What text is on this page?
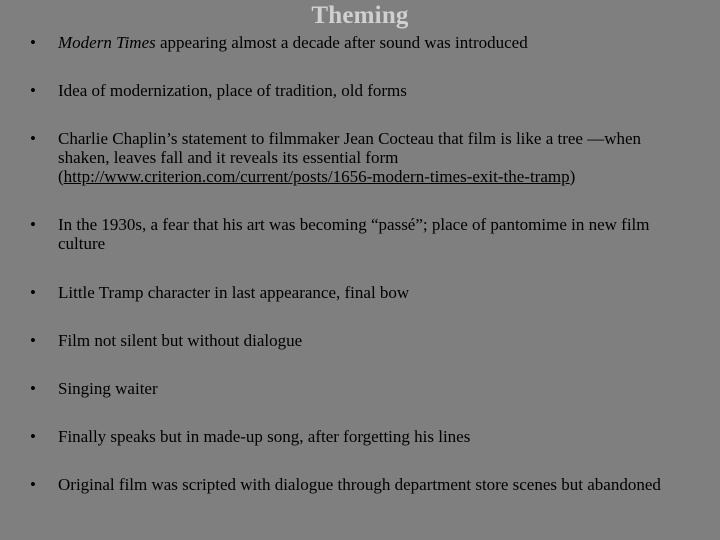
Theming
•	Modern Times appearing almost a decade after sound was introduced
•	Idea of modernization, place of tradition, old forms
•	Charlie Chaplin’s statement to filmmaker Jean Cocteau that film is like a tree —when shaken, leaves fall and it reveals its essential form (http://www.criterion.com/current/posts/1656-modern-times-exit-the-tramp)
•	In the 1930s, a fear that his art was becoming “passé”; place of pantomime in new film culture
•	Little Tramp character in last appearance, final bow
•	Film not silent but without dialogue
•	Singing waiter
•	Finally speaks but in made-up song, after forgetting his lines
•	Original film was scripted with dialogue through department store scenes but abandoned
